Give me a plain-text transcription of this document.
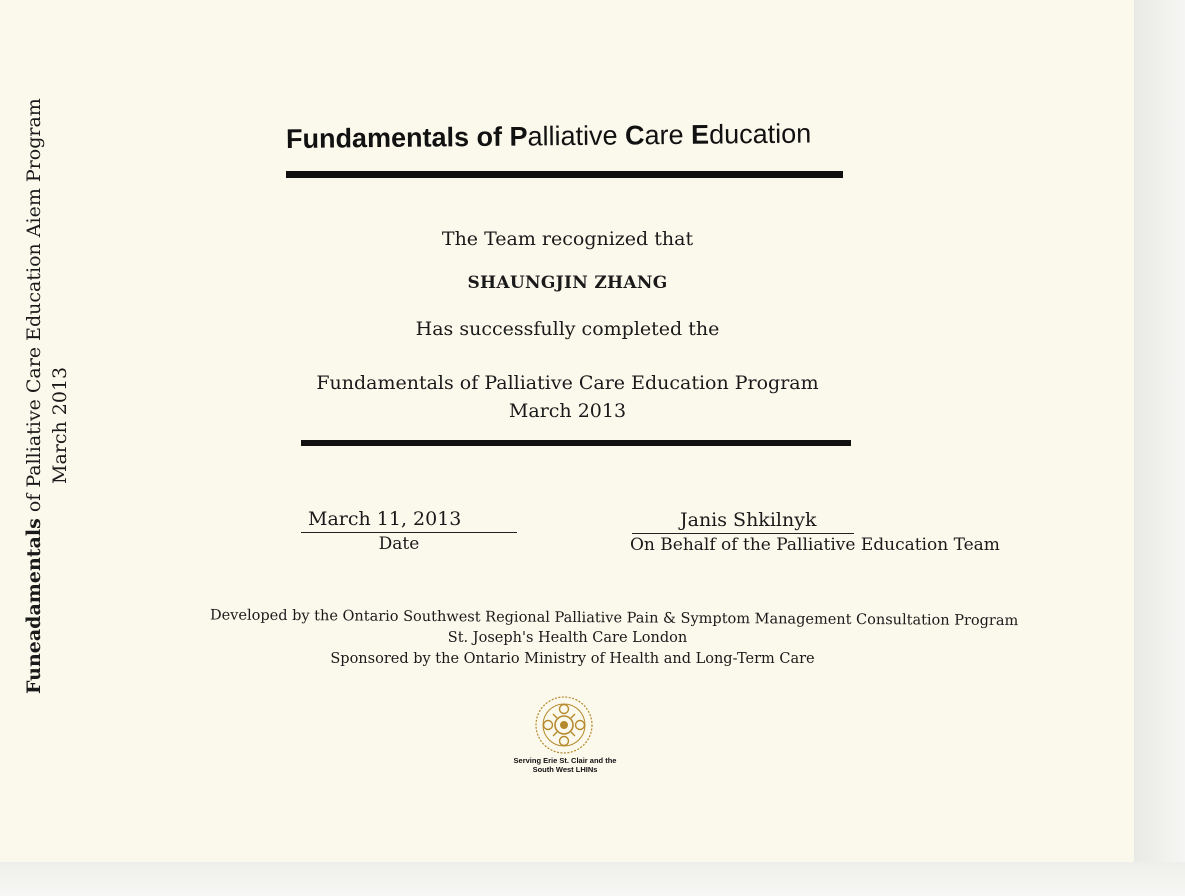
Fundamentals of Palliative Care Education
The Team recognized that
SHAUNGJIN ZHANG
Has successfully completed the
Fundamentals of Palliative Care Education Program
March 2013
March 11, 2013
Date
Janis Shkilnyk
On Behalf of the Palliative Education Team
Developed by the Ontario Southwest Regional Palliative Pain & Symptom Management Consultation Program
St. Joseph's Health Care London
Sponsored by the Ontario Ministry of Health and Long-Term Care
Serving Erie St. Clair and the
South West LHINs
Funeadamentals of Palliative Care Education Aiem Program March 2013
